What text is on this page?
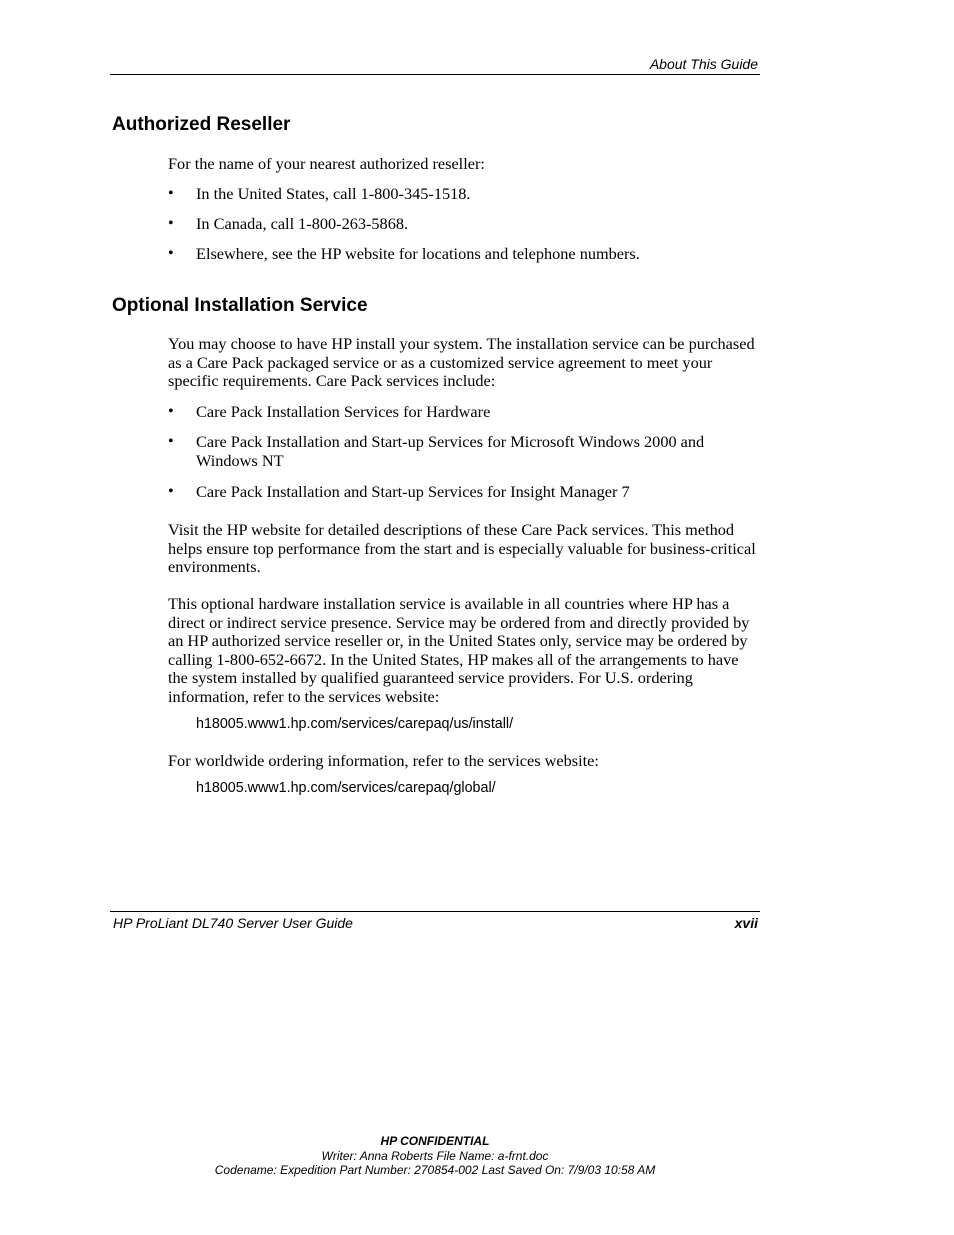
About This Guide
Authorized Reseller
For the name of your nearest authorized reseller:
• In the United States, call 1-800-345-1518.
• In Canada, call 1-800-263-5868.
• Elsewhere, see the HP website for locations and telephone numbers.
Optional Installation Service
You may choose to have HP install your system. The installation service can be purchased as a Care Pack packaged service or as a customized service agreement to meet your specific requirements. Care Pack services include:
• Care Pack Installation Services for Hardware
• Care Pack Installation and Start-up Services for Microsoft Windows 2000 and Windows NT
• Care Pack Installation and Start-up Services for Insight Manager 7
Visit the HP website for detailed descriptions of these Care Pack services. This method helps ensure top performance from the start and is especially valuable for business-critical environments.
This optional hardware installation service is available in all countries where HP has a direct or indirect service presence. Service may be ordered from and directly provided by an HP authorized service reseller or, in the United States only, service may be ordered by calling 1-800-652-6672. In the United States, HP makes all of the arrangements to have the system installed by qualified guaranteed service providers. For U.S. ordering information, refer to the services website:
h18005.www1.hp.com/services/carepaq/us/install/
For worldwide ordering information, refer to the services website:
h18005.www1.hp.com/services/carepaq/global/
HP ProLiant DL740 Server User Guide	xvii
HP CONFIDENTIAL
Writer: Anna Roberts File Name: a-frnt.doc
Codename: Expedition Part Number: 270854-002 Last Saved On: 7/9/03 10:58 AM
